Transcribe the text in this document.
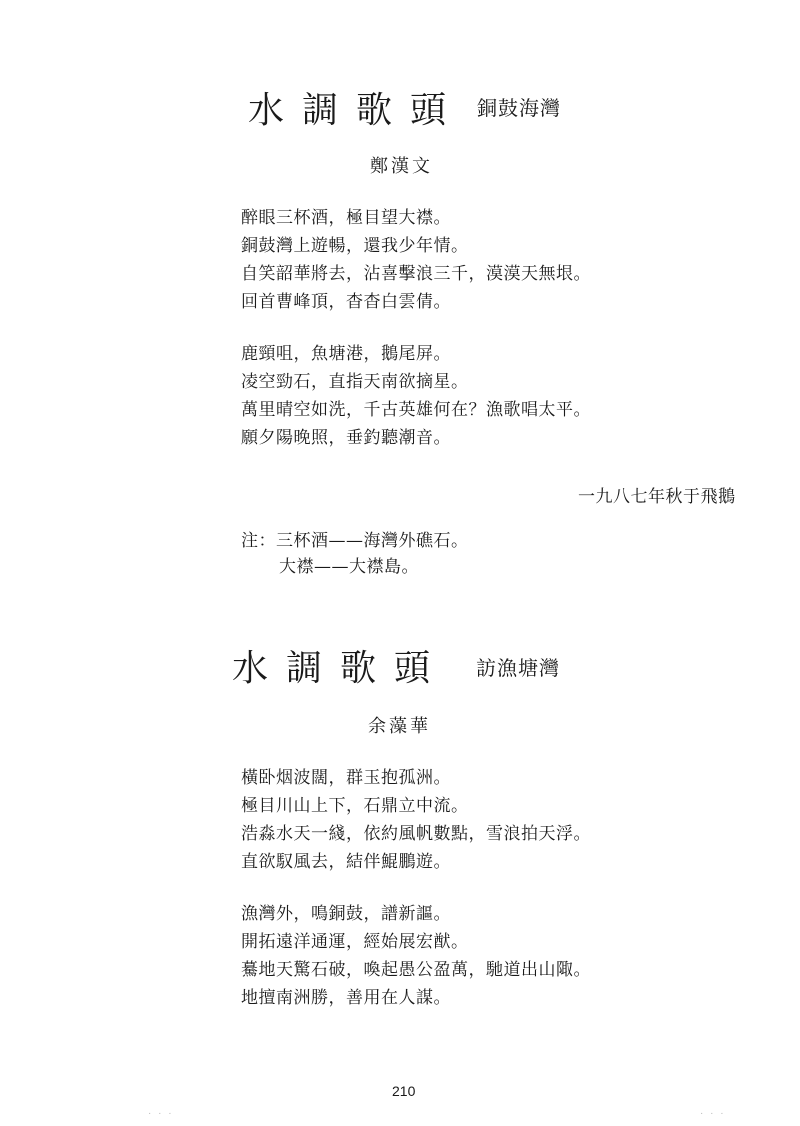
水調歌頭 銅鼓海灣
鄭漢文
醉眼三杯酒，極目望大襟。
銅鼓灣上遊暢，還我少年情。
自笑韶華將去，沾喜擊浪三千，漠漠天無垠。
回首曹峰頂，杳杳白雲倩。
鹿頸咀，魚塘港，鵝尾屏。
凌空勁石，直指天南欲摘星。
萬里晴空如洗，千古英雄何在？漁歌唱太平。
願夕陽晚照，垂釣聽潮音。
一九八七年秋于飛鵝
注：三杯酒——海灣外礁石。
大襟——大襟島。
水調歌頭 訪漁塘灣
余藻華
橫卧烟波闊，群玉抱孤洲。
極目川山上下，石鼎立中流。
浩淼水天一綫，依約風帆數點，雪浪拍天浮。
直欲馭風去，結伴鯤鵬遊。
漁灣外，鳴銅鼓，譜新謳。
開拓遠洋通運，經始展宏猷。
驀地天驚石破，喚起愚公盈萬，馳道出山陬。
地擅南洲勝，善用在人謀。
210
· · ·	· · ·
